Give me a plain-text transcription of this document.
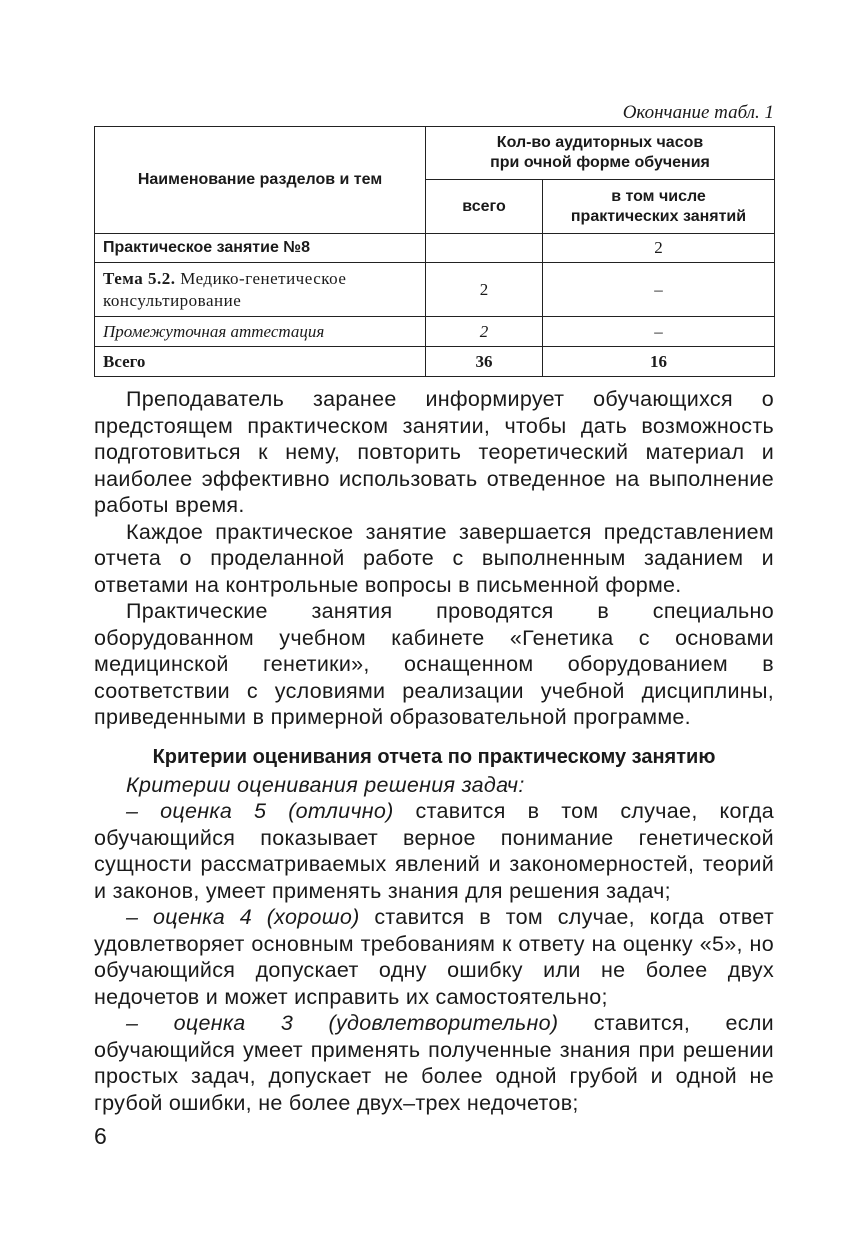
Окончание табл. 1
Наименование разделов и тем	Кол-во аудиторных часов при очной форме обучения	
	всего	в том числе практических занятий
Практическое занятие №8		2
Тема 5.2. Медико-генетическое консультирование	2	–
Промежуточная аттестация	2	–
Всего	36	16

Преподаватель заранее информирует обучающихся о предстоящем практическом занятии, чтобы дать возможность подготовиться к нему, повторить теоретический материал и наиболее эффективно использовать отведенное на выполнение работы время.

Каждое практическое занятие завершается представлением отчета о проделанной работе с выполненным заданием и ответами на контрольные вопросы в письменной форме.

Практические занятия проводятся в специально оборудованном учебном кабинете «Генетика с основами медицинской генетики», оснащенном оборудованием в соответствии с условиями реализации учебной дисциплины, приведенными в примерной образовательной программе.

Критерии оценивания отчета по практическому занятию

Критерии оценивания решения задач:

– оценка 5 (отлично) ставится в том случае, когда обучающийся показывает верное понимание генетической сущности рассматриваемых явлений и закономерностей, теорий и законов, умеет применять знания для решения задач;

– оценка 4 (хорошо) ставится в том случае, когда ответ удовлетворяет основным требованиям к ответу на оценку «5», но обучающийся допускает одну ошибку или не более двух недочетов и может исправить их самостоятельно;

– оценка 3 (удовлетворительно) ставится, если обучающийся умеет применять полученные знания при решении простых задач, допускает не более одной грубой и одной не грубой ошибки, не более двух–трех недочетов;

6
